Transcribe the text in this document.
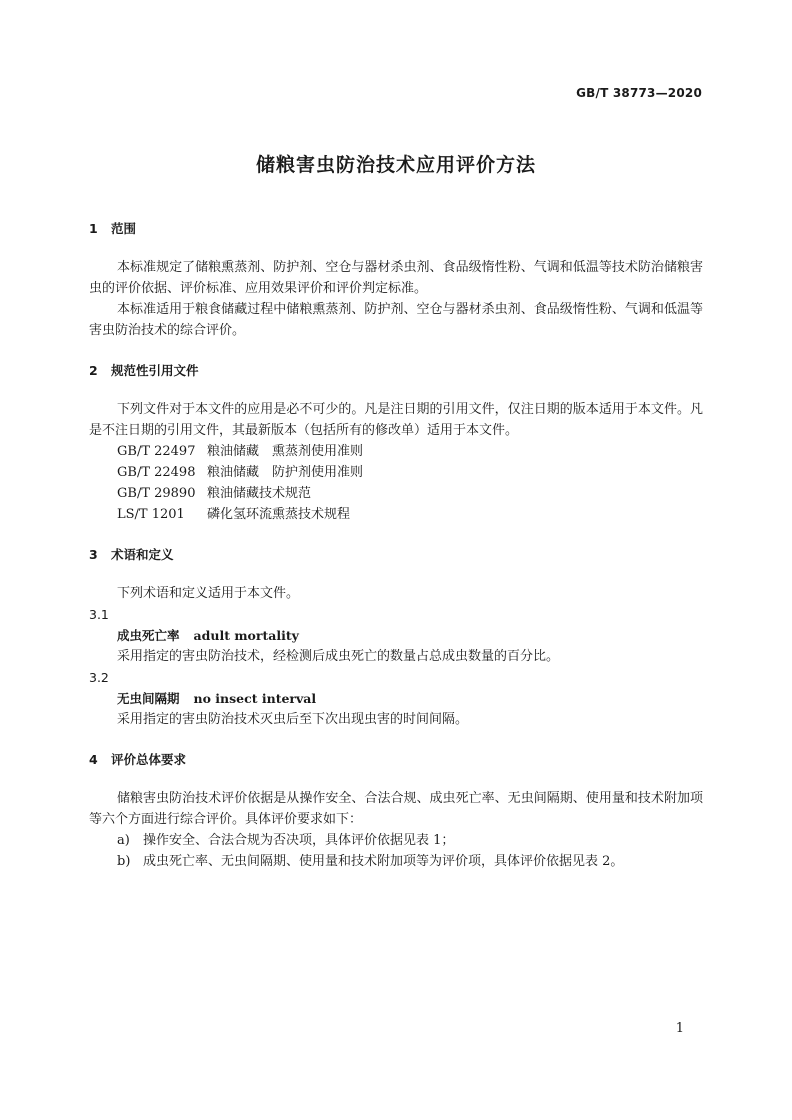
GB/T 38773—2020
储粮害虫防治技术应用评价方法
1 范围

本标准规定了储粮熏蒸剂、防护剂、空仓与器材杀虫剂、食品级惰性粉、气调和低温等技术防治储粮害虫的评价依据、评价标准、应用效果评价和评价判定标准。

本标准适用于粮食储藏过程中储粮熏蒸剂、防护剂、空仓与器材杀虫剂、食品级惰性粉、气调和低温等害虫防治技术的综合评价。

2 规范性引用文件

下列文件对于本文件的应用是必不可少的。凡是注日期的引用文件，仅注日期的版本适用于本文件。凡是不注日期的引用文件，其最新版本（包括所有的修改单）适用于本文件。

GB/T 22497 粮油储藏　熏蒸剂使用准则

GB/T 22498 粮油储藏　防护剂使用准则

GB/T 29890 粮油储藏技术规范

LS/T 1201 磷化氢环流熏蒸技术规程

3 术语和定义

下列术语和定义适用于本文件。

3.1

成虫死亡率 adult mortality

采用指定的害虫防治技术，经检测后成虫死亡的数量占总成虫数量的百分比。

3.2

无虫间隔期 no insect interval

采用指定的害虫防治技术灭虫后至下次出现虫害的时间间隔。

4 评价总体要求

储粮害虫防治技术评价依据是从操作安全、合法合规、成虫死亡率、无虫间隔期、使用量和技术附加项等六个方面进行综合评价。具体评价要求如下：

a) 操作安全、合法合规为否决项，具体评价依据见表 1；

b) 成虫死亡率、无虫间隔期、使用量和技术附加项等为评价项，具体评价依据见表 2。

1
